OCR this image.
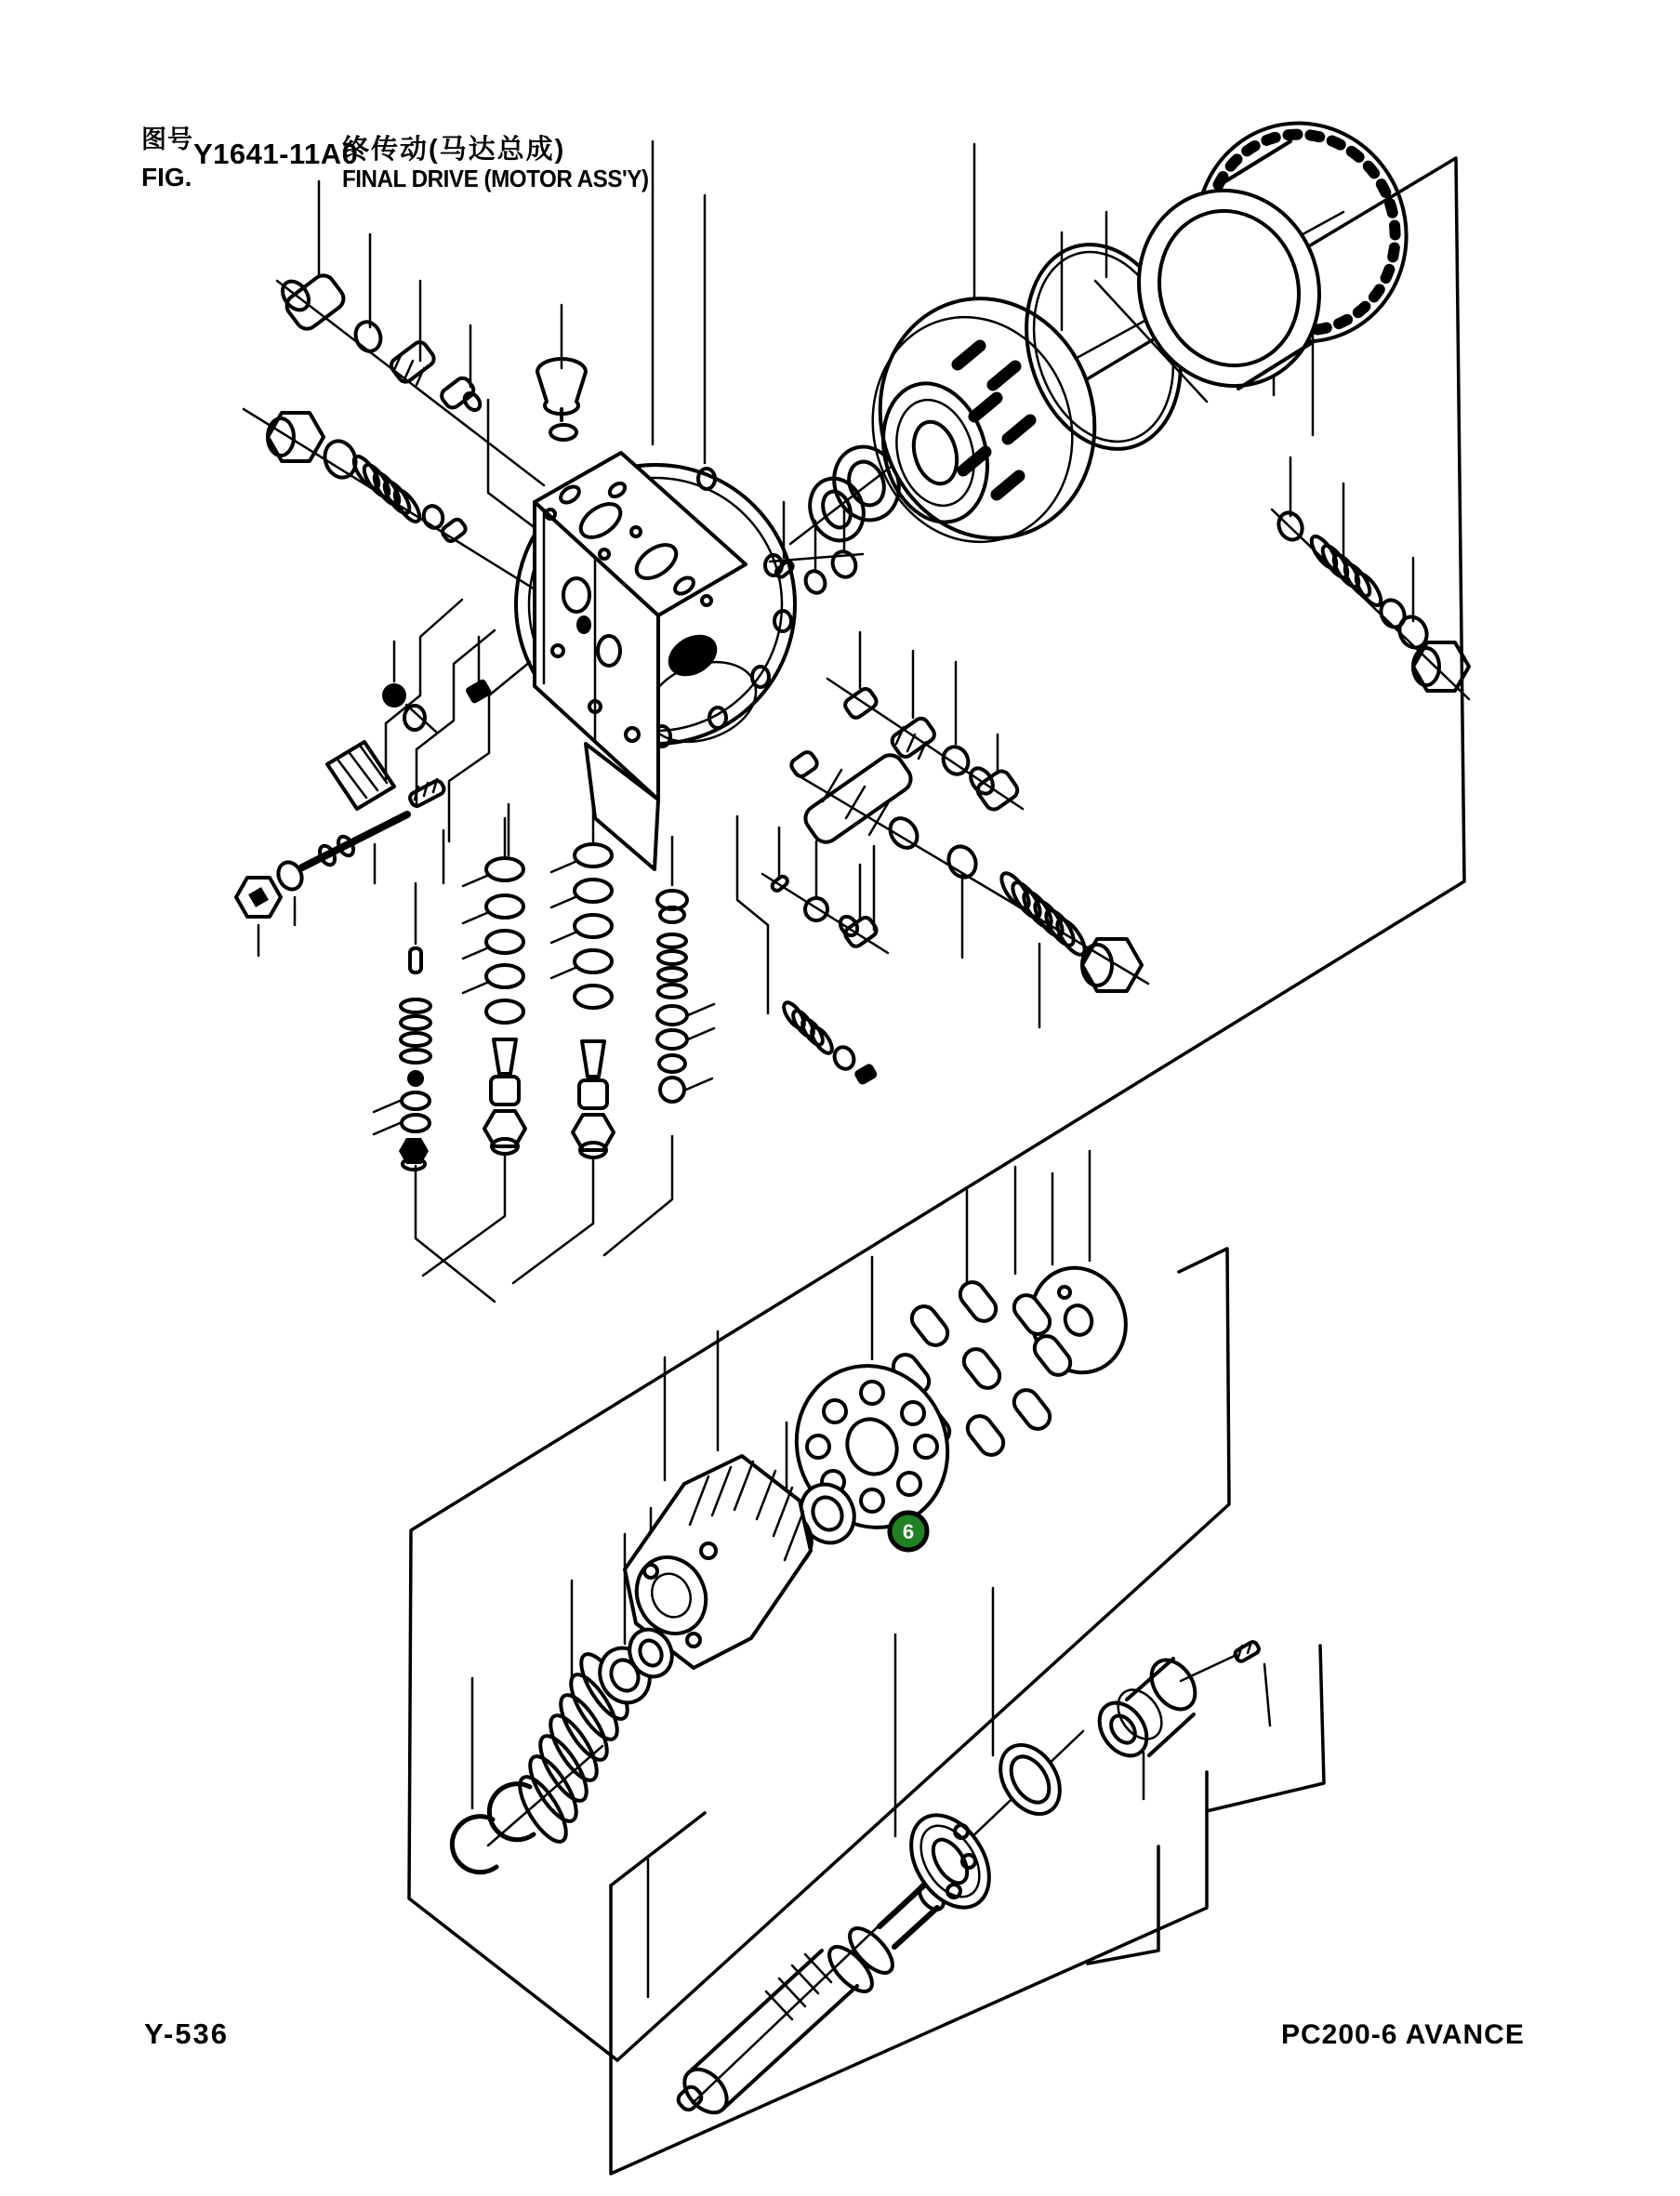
图号
FIG.
Y1641-11A0
终传动(马达总成)
FINAL DRIVE (MOTOR ASS'Y)
6
Y-536	PC200-6 AVANCE
